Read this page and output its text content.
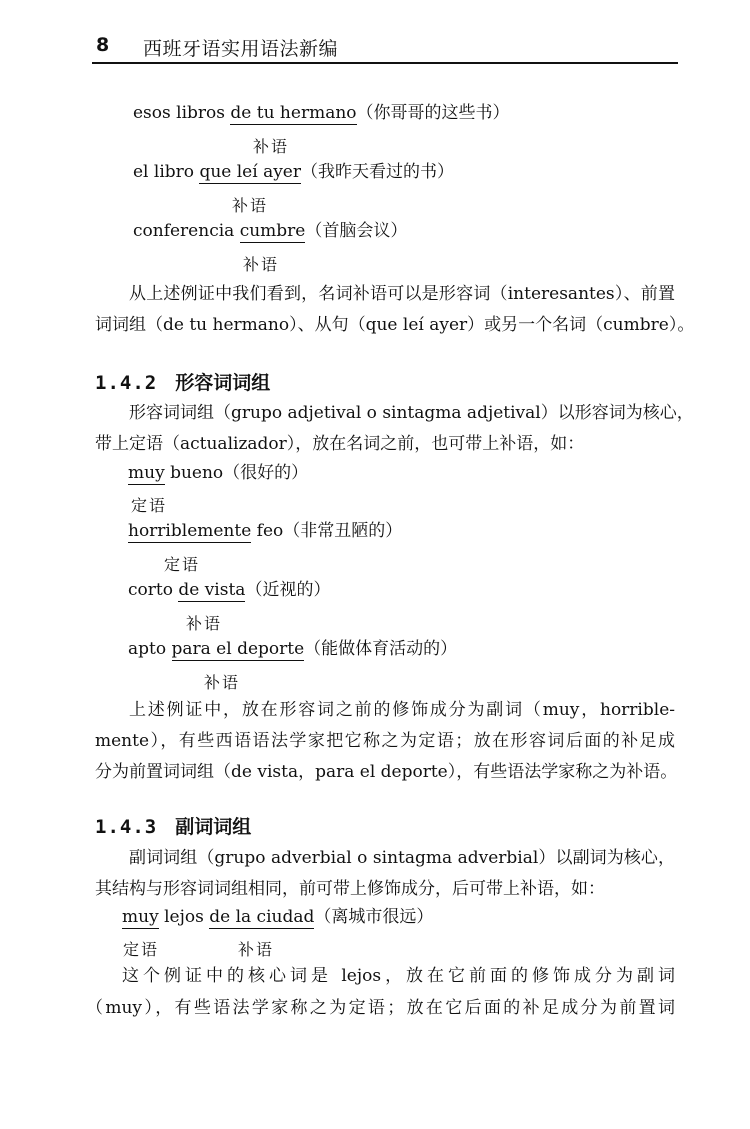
8 西班牙语实用语法新编
esos libros de tu hermano（你哥哥的这些书）
补语
el libro que leí ayer（我昨天看过的书）
补语
conferencia cumbre（首脑会议）
补语
从上述例证中我们看到，名词补语可以是形容词（interesantes）、前置
词词组（de tu hermano）、从句（que leí ayer）或另一个名词（cumbre）。
1.4.2 形容词词组
形容词词组（grupo adjetival o sintagma adjetival）以形容词为核心，
带上定语（actualizador），放在名词之前，也可带上补语，如：
muy bueno（很好的）
定语
horriblemente feo（非常丑陋的）
定语
corto de vista（近视的）
补语
apto para el deporte（能做体育活动的）
补语
上述例证中，放在形容词之前的修饰成分为副词（muy，horrible-
mente），有些西语语法学家把它称之为定语；放在形容词后面的补足成
分为前置词词组（de vista，para el deporte），有些语法学家称之为补语。
1.4.3 副词词组
副词词组（grupo adverbial o sintagma adverbial）以副词为核心，
其结构与形容词词组相同，前可带上修饰成分，后可带上补语，如：
muy lejos de la ciudad（离城市很远）
定语	补语
这个例证中的核心词是 lejos，放在它前面的修饰成分为副词
（muy），有些语法学家称之为定语；放在它后面的补足成分为前置词
